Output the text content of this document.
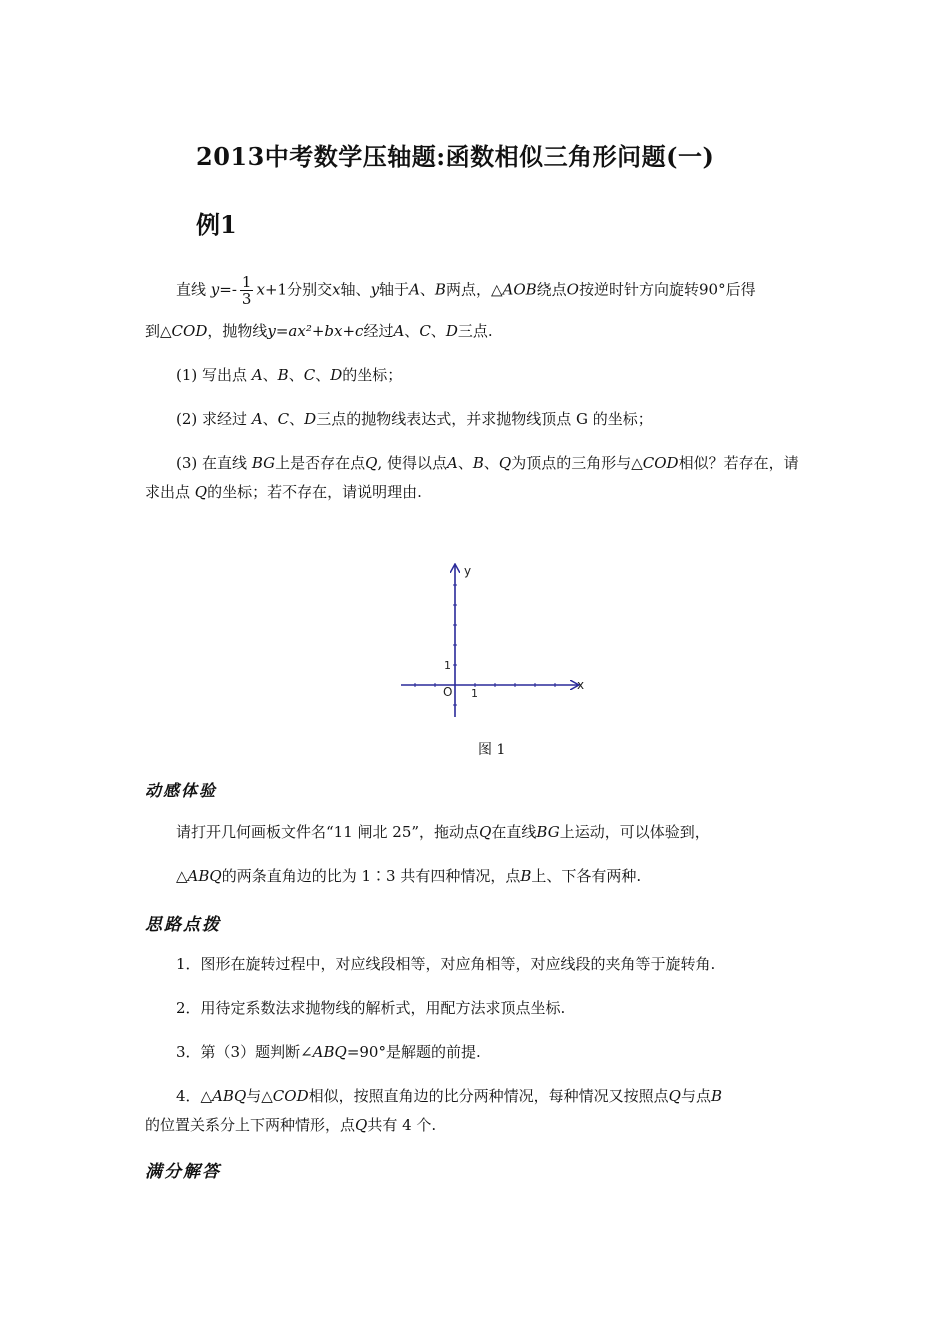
2013中考数学压轴题:函数相似三角形问题(一)
例1
直线 $y=- \frac{1}{3} x+1$分别交x轴、y轴于A、B两点，△AOB绕点O按逆时针方向旋转90°后得
到△COD，抛物线y=ax²+bx+c经过A、C、D三点.
(1) 写出点 A、B、C、D的坐标；
(2) 求经过 A、C、D三点的抛物线表达式，并求抛物线顶点 G 的坐标；
(3) 在直线 BG上是否存在点Q, 使得以点A、B、Q为顶点的三角形与△COD相似？若存在，请
求出点 Q的坐标；若不存在，请说明理由.
y
x
O 1
1
图 1
动感体验
请打开几何画板文件名“11 闸北 25”，拖动点Q在直线BG上运动，可以体验到，
△ABQ的两条直角边的比为 1∶3 共有四种情况，点B上、下各有两种.
思路点拨
1．图形在旋转过程中，对应线段相等，对应角相等，对应线段的夹角等于旋转角.
2．用待定系数法求抛物线的解析式，用配方法求顶点坐标.
3．第（3）题判断∠ABQ=90°是解题的前提.
4．△ABQ与△COD相似，按照直角边的比分两种情况，每种情况又按照点Q与点B
的位置关系分上下两种情形，点Q共有 4 个.
满分解答
